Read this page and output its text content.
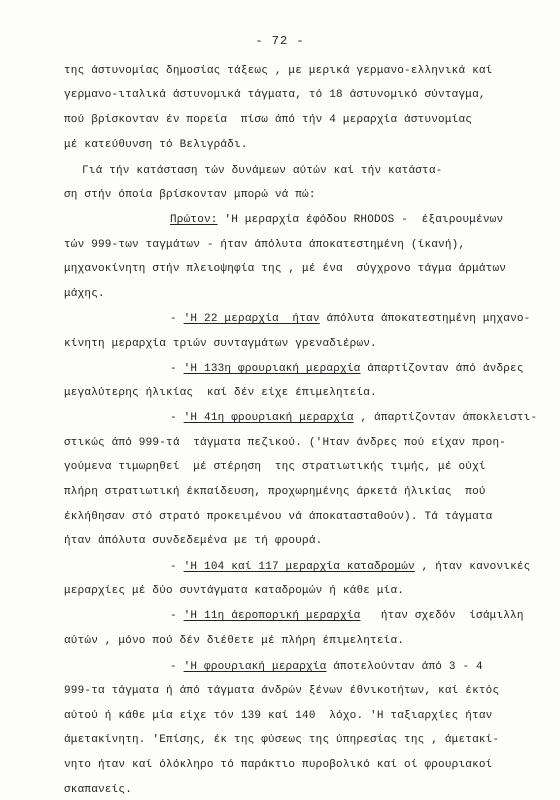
- 72 -
της άστυνομίας δημοσίας τάξεως , με μερικά γερμανο-ελληνικά καί
γερμανο-ιταλικά άστυνομικά τάγματα, τό 18 άστυνομικό σύνταγμα,
πού βρίσκονταν έν πορεία  πίσω άπό τήν 4 μεραρχία άστυνομίας
μέ κατεύθυνση τό Βελιγράδι.
Γιά τήν κατάσταση τών δυνάμεων αύτών καί τήν κατάστα-
ση στήν όποία βρίσκονταν μπορώ νά πώ:
Πρώτον: 'Η μεραρχία έφόδου RHODOS -  έξαιρουμένων
τών 999-των ταγμάτων - ήταν άπόλυτα άποκατεστημένη (ίκανή),
μηχανοκίνητη στήν πλειοψηφία της , μέ ένα  σύγχρονο τάγμα άρμάτων
μάχης.
- 'Η 22 μεραρχία  ήταν άπόλυτα άποκατεστημένη μηχανο-
κίνητη μεραρχία τριών συνταγμάτων γρεναδιέρων.
- 'Η 133η φρουριακή μεραρχία άπαρτίζονταν άπό άνδρες
μεγαλύτερης ήλικίας  καί δέν είχε έπιμελητεία.
- 'Η 41η φρουριακή μεραρχία , άπαρτίζονταν άποκλειστι-
στικώς άπό 999-τά  τάγματα πεζικού. ('Ηταν άνδρες πού είχαν προη-
γούμενα τιμωρηθεί  μέ στέρηση  της στρατιωτικής τιμής, μέ ούχί
πλήρη στρατιωτική έκπαίδευση, προχωρημένης άρκετά ήλικίας  πού
έκλήθησαν στό στρατό προκειμένου νά άποκατασταθούν). Τά τάγματα
ήταν άπόλυτα συνδεδεμένα με τή φρουρά.
- 'Η 104 καί 117 μεραρχία καταδρομών , ήταν κανονικές
μεραρχίες μέ δύο συντάγματα καταδρομών ή κάθε μία.
- 'Η 11η άεροπορική μεραρχία   ήταν σχεδόν  ίσάμιλλη
αύτών , μόνο πού δέν διέθετε μέ πλήρη έπιμελητεία.
- 'Η φρουριακή μεραρχία άποτελούνταν άπό 3 - 4
999-τα τάγματα ή άπό τάγματα άνδρών ξένων έθνικοτήτων, καί έκτός
αύτού ή κάθε μία είχε τόν 139 καί 140  λόχο. 'Η ταξιαρχίες ήταν
άμετακίνητη. 'Επίσης, έκ της φύσεως της ύπηρεσίας της , άμετακί-
νητο ήταν καί όλόκληρο τό παράκτιο πυροβολικό καί οί φρουριακοί
σκαπανείς.
